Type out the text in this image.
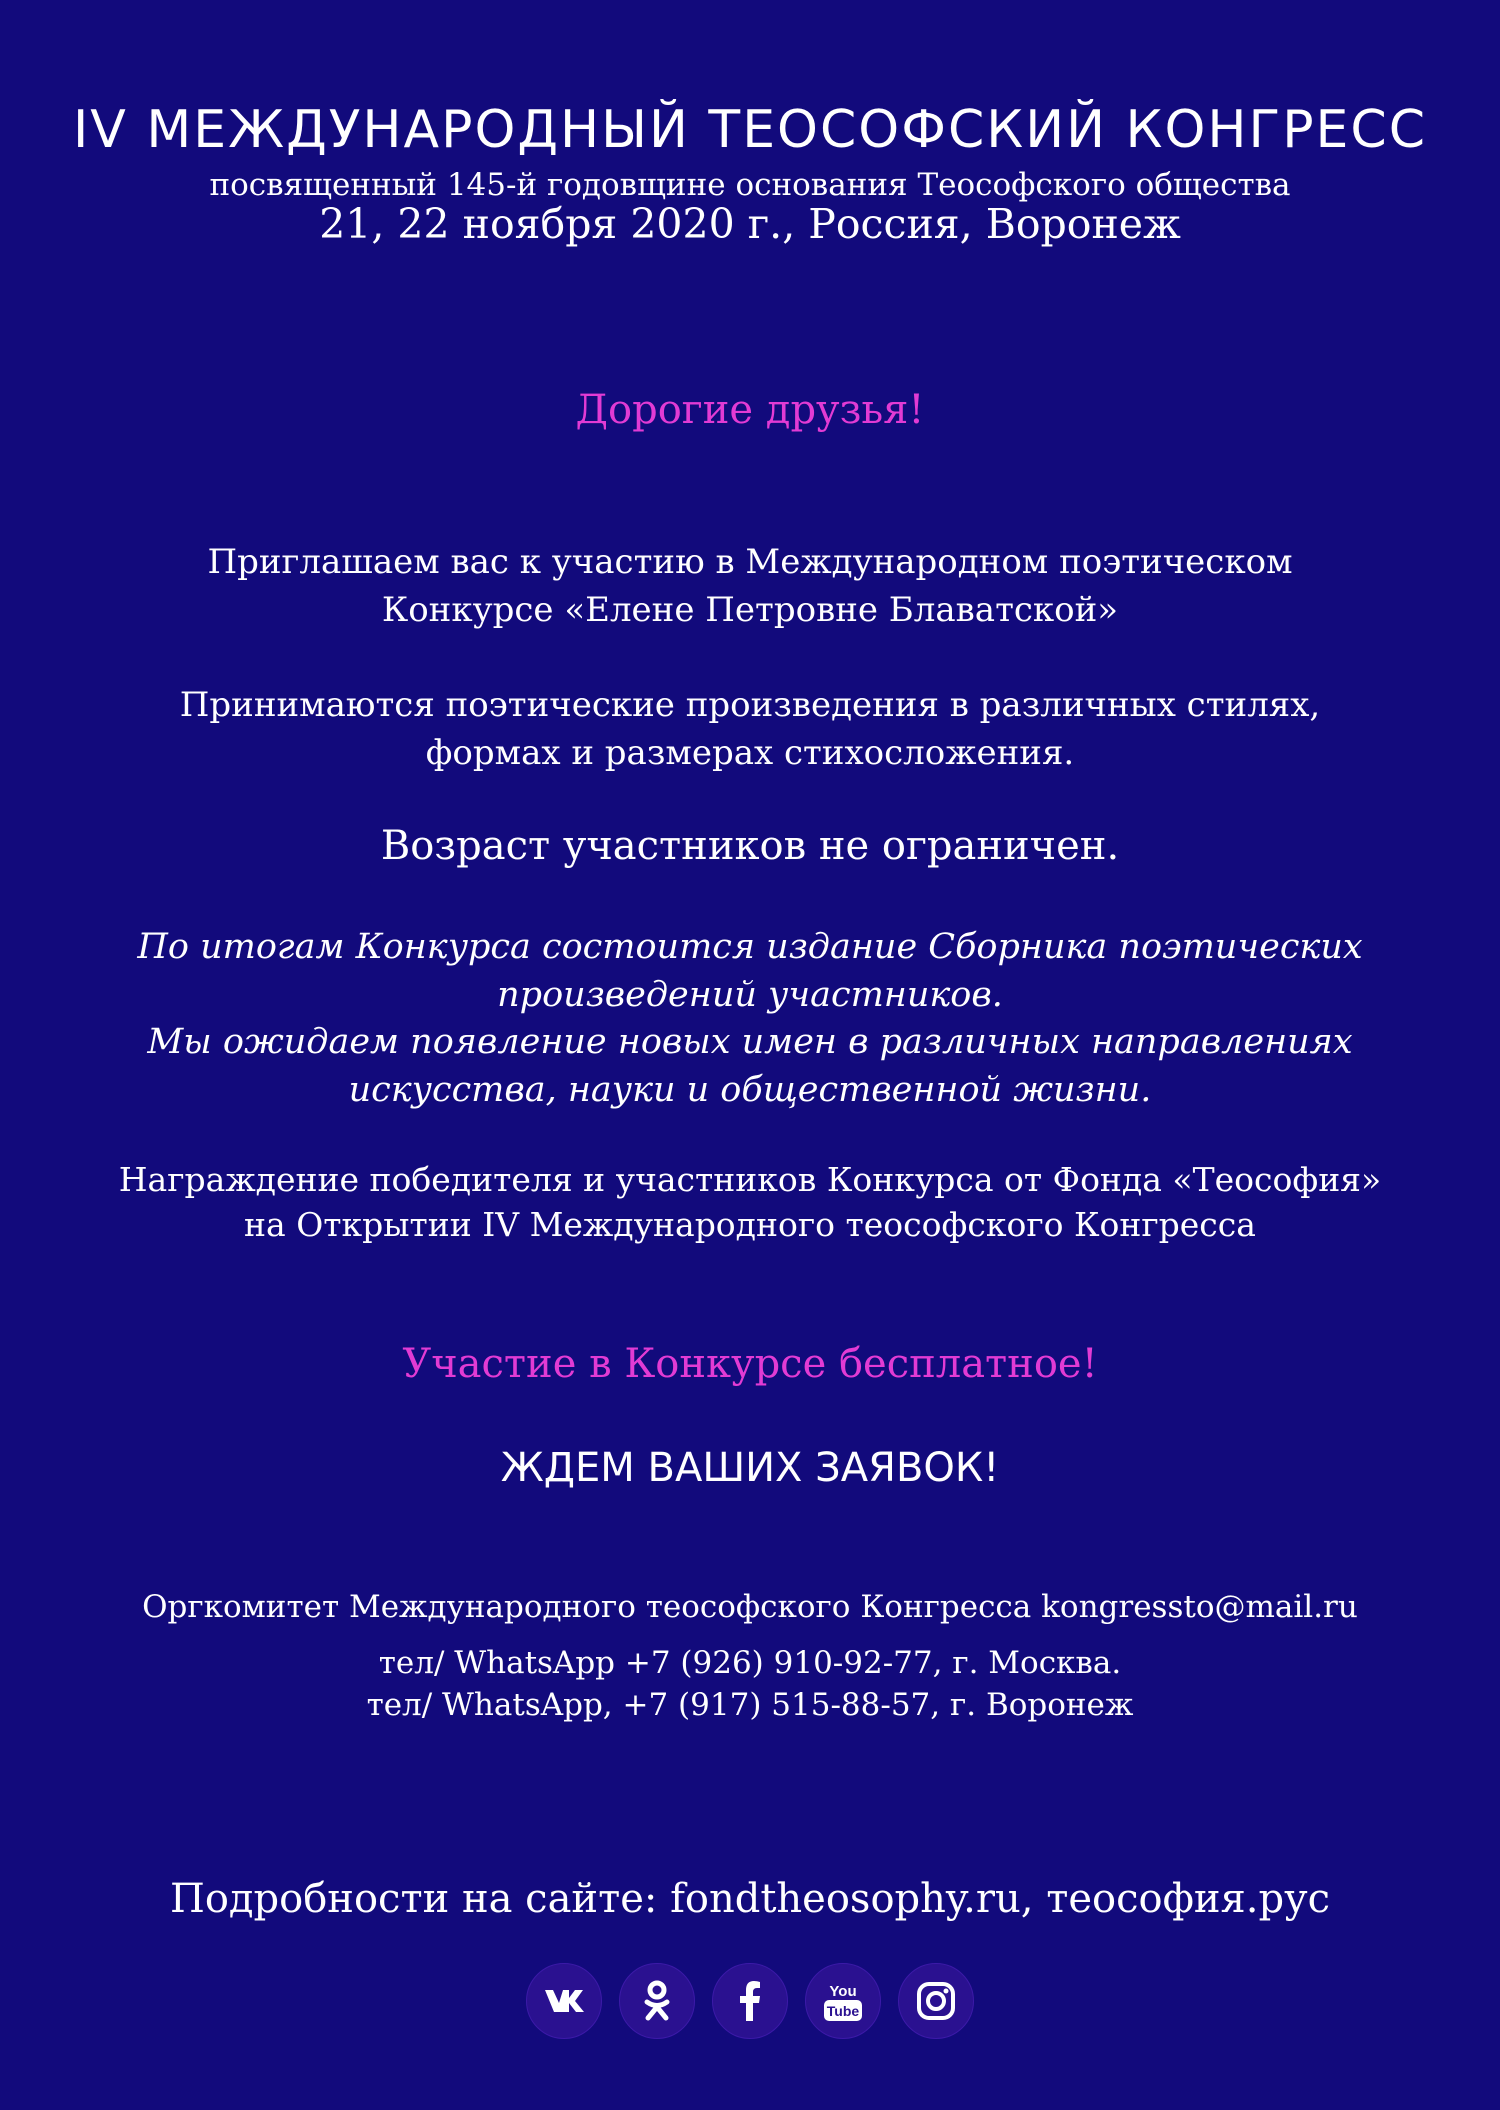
IV МЕЖДУНАРОДНЫЙ ТЕОСОФСКИЙ КОНГРЕСС
посвященный 145-й годовщине основания Теософского общества
21, 22 ноября 2020 г., Россия, Воронеж
Дорогие друзья!
Приглашаем вас к участию в Международном поэтическом
Конкурсе «Елене Петровне Блаватской»
Принимаются поэтические произведения в различных стилях,
формах и размерах стихосложения.
Возраст участников не ограничен.
По итогам Конкурса состоится издание Сборника поэтических
произведений участников.
Мы ожидаем появление новых имен в различных направлениях
искусства, науки и общественной жизни.
Награждение победителя и участников Конкурса от Фонда «Теософия»
на Открытии IV Международного теософского Конгресса
Участие в Конкурсе бесплатное!
ЖДЕМ ВАШИХ ЗАЯВОК!
Оргкомитет Международного теософского Конгресса kongressto@mail.ru
тел/ WhatsApp +7 (926) 910-92-77, г. Москва.
тел/ WhatsApp, +7 (917) 515-88-57, г. Воронеж
Подробности на сайте: fondtheosophy.ru, теософия.рус
You
Tube
